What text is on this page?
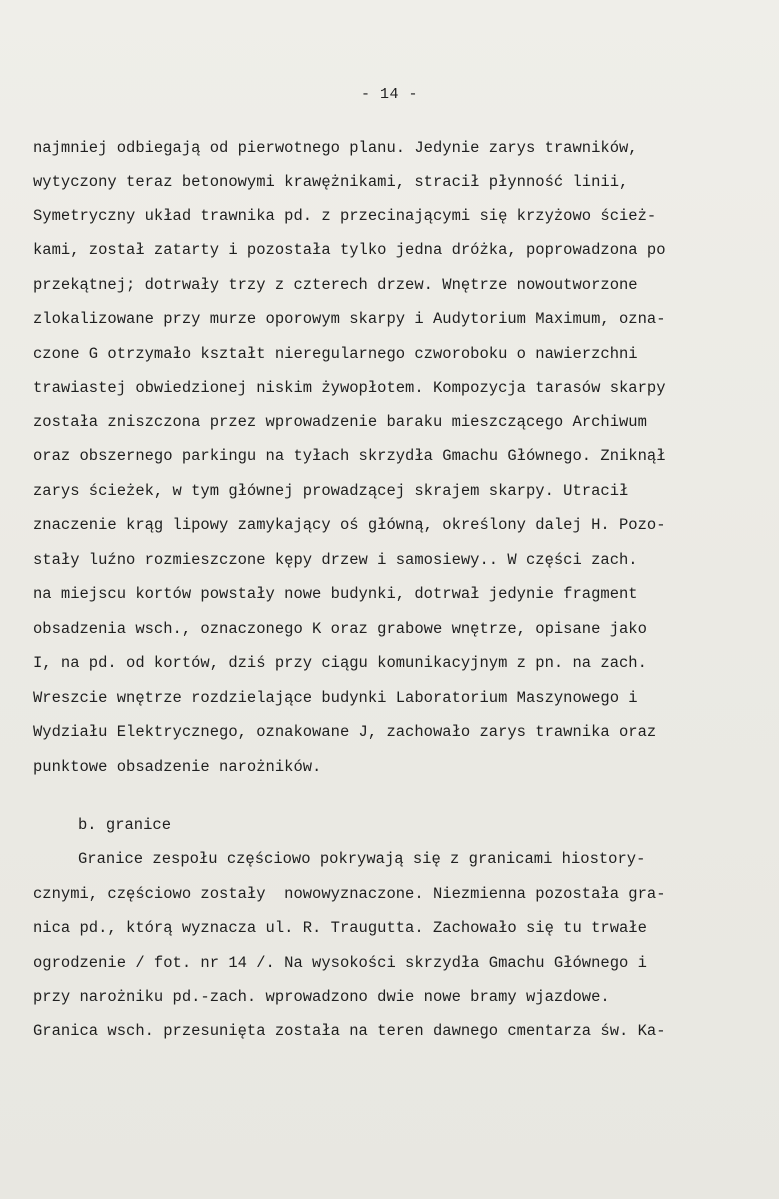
- 14 -
najmniej odbiegają od pierwotnego planu. Jedynie zarys trawników,
wytyczony teraz betonowymi krawężnikami, stracił płynność linii,
Symetryczny układ trawnika pd. z przecinającymi się krzyżowo ścież-
kami, został zatarty i pozostała tylko jedna dróżka, poprowadzona po
przekątnej; dotrwały trzy z czterech drzew. Wnętrze nowoutworzone
zlokalizowane przy murze oporowym skarpy i Audytorium Maximum, ozna-
czone G otrzymało kształt nieregularnego czworoboku o nawierzchni
trawiastej obwiedzionej niskim żywopłotem. Kompozycja tarasów skarpy
została zniszczona przez wprowadzenie baraku mieszczącego Archiwum
oraz obszernego parkingu na tyłach skrzydła Gmachu Głównego. Zniknął
zarys ścieżek, w tym głównej prowadzącej skrajem skarpy. Utracił
znaczenie krąg lipowy zamykający oś główną, określony dalej H. Pozo-
stały luźno rozmieszczone kępy drzew i samosiewy.. W części zach.
na miejscu kortów powstały nowe budynki, dotrwał jedynie fragment
obsadzenia wsch., oznaczonego K oraz grabowe wnętrze, opisane jako
I, na pd. od kortów, dziś przy ciągu komunikacyjnym z pn. na zach.
Wreszcie wnętrze rozdzielające budynki Laboratorium Maszynowego i
Wydziału Elektrycznego, oznakowane J, zachowało zarys trawnika oraz
punktowe obsadzenie narożników.
b. granice
Granice zespołu częściowo pokrywają się z granicami hiostory-
cznymi, częściowo zostały  nowowyznaczone. Niezmienna pozostała gra-
nica pd., którą wyznacza ul. R. Traugutta. Zachowało się tu trwałe
ogrodzenie / fot. nr 14 /. Na wysokości skrzydła Gmachu Głównego i
przy narożniku pd.-zach. wprowadzono dwie nowe bramy wjazdowe.
Granica wsch. przesunięta została na teren dawnego cmentarza św. Ka-
